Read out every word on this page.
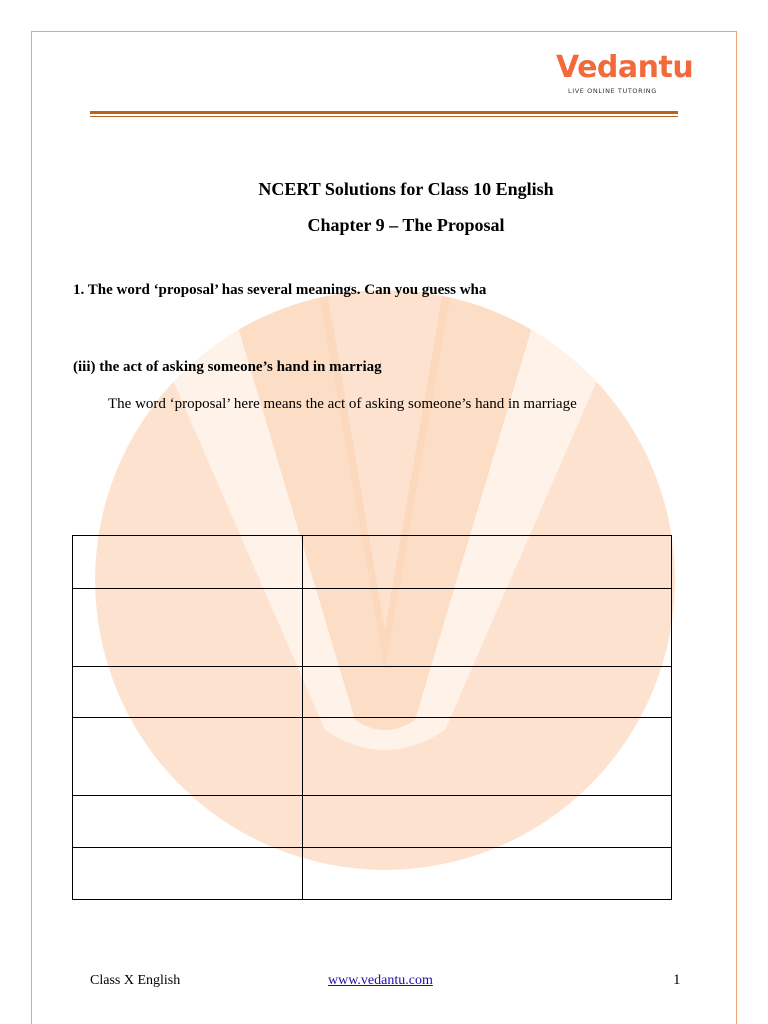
Vedantu
LIVE ONLINE TUTORING
NCERT Solutions for Class 10 English
Chapter 9 – The Proposal
1. The word ‘proposal’ has several meanings. Can you guess wha
(iii) the act of asking someone’s hand in marriag
The word ‘proposal’ here means the act of asking someone’s hand in marriage

Class X English	www.vedantu.com	1
